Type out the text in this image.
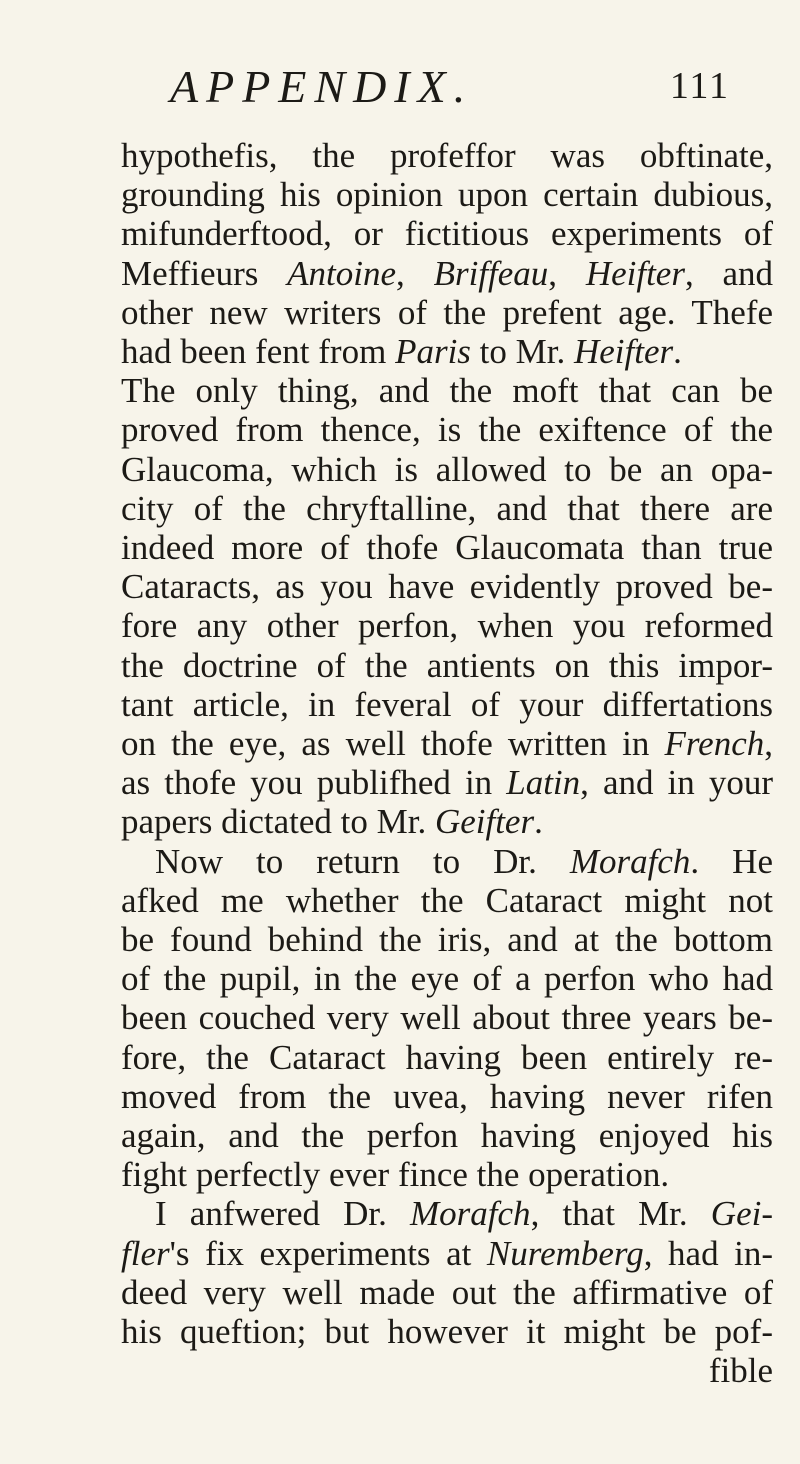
APPENDIX.	111
hypothefis, the profeffor was obftinate,
grounding his opinion upon certain dubious,
mifunderftood, or fictitious experiments of
Meffieurs Antoine, Briffeau, Heifter, and
other new writers of the prefent age. Thefe
had been fent from Paris to Mr. Heifter.
The only thing, and the moft that can be
proved from thence, is the exiftence of the
Glaucoma, which is allowed to be an opa-
city of the chryftalline, and that there are
indeed more of thofe Glaucomata than true
Cataracts, as you have evidently proved be-
fore any other perfon, when you reformed
the doctrine of the antients on this impor-
tant article, in feveral of your differtations
on the eye, as well thofe written in French,
as thofe you publifhed in Latin, and in your
papers dictated to Mr. Geifter.
Now to return to Dr. Morafch. He
afked me whether the Cataract might not
be found behind the iris, and at the bottom
of the pupil, in the eye of a perfon who had
been couched very well about three years be-
fore, the Cataract having been entirely re-
moved from the uvea, having never rifen
again, and the perfon having enjoyed his
fight perfectly ever fince the operation.
I anfwered Dr. Morafch, that Mr. Gei-
fler's fix experiments at Nuremberg, had in-
deed very well made out the affirmative of
his queftion; but however it might be pof-
fible
